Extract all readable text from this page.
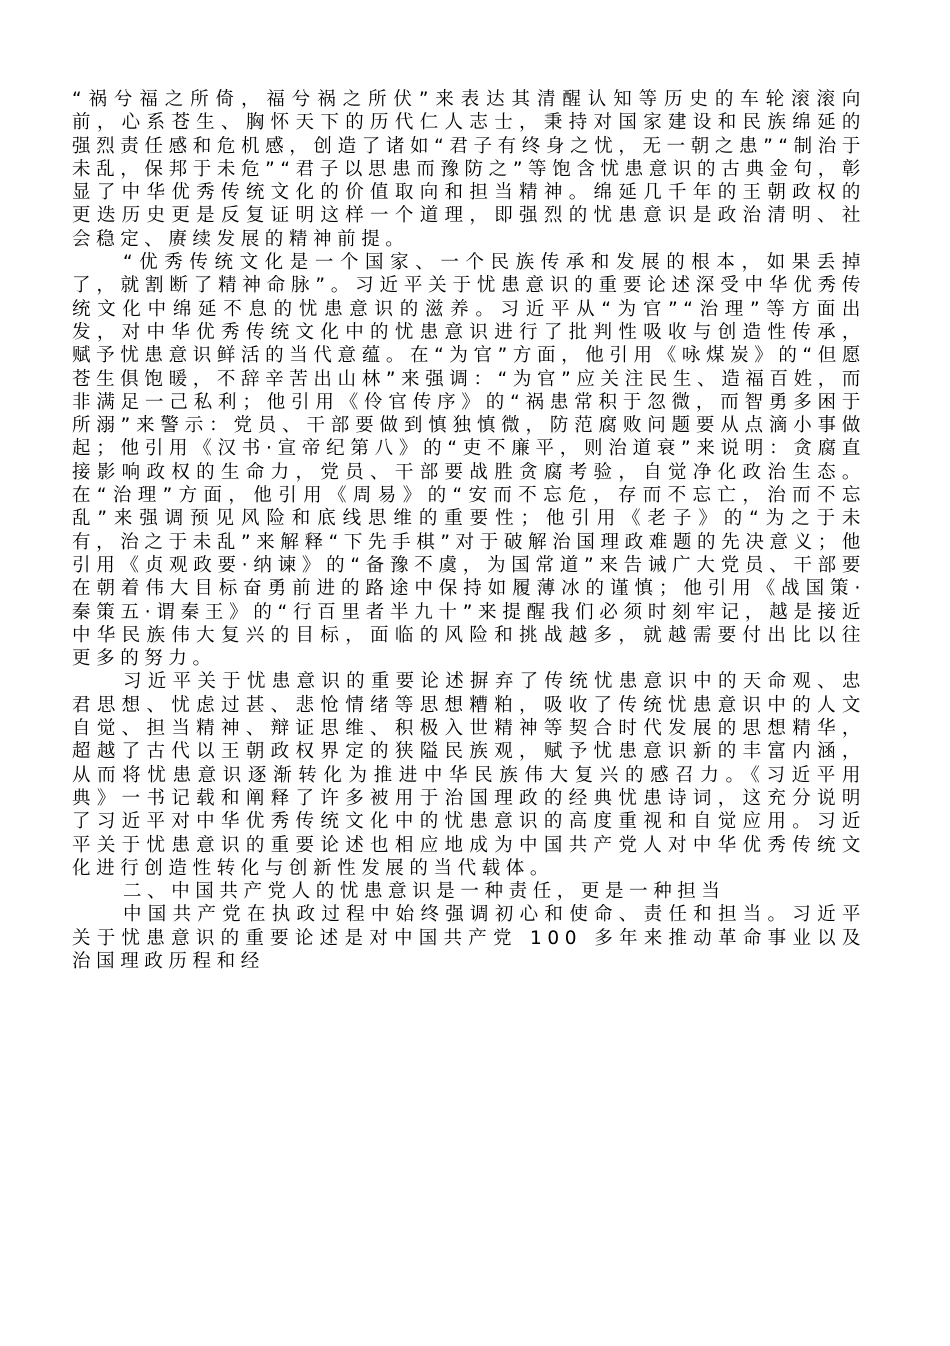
“祸兮福之所倚，福兮祸之所伏”来表达其清醒认知等历史的车轮滚滚向前，心系苍生、胸怀天下的历代仁人志士，秉持对国家建设和民族绵延的强烈责任感和危机感，创造了诸如“君子有终身之忧，无一朝之患”“制治于未乱，保邦于未危”“君子以思患而豫防之”等饱含忧患意识的古典金句，彰显了中华优秀传统文化的价值取向和担当精神。绵延几千年的王朝政权的更迭历史更是反复证明这样一个道理，即强烈的忧患意识是政治清明、社会稳定、赓续发展的精神前提。

“优秀传统文化是一个国家、一个民族传承和发展的根本，如果丢掉了，就割断了精神命脉”。习近平关于忧患意识的重要论述深受中华优秀传统文化中绵延不息的忧患意识的滋养。习近平从“为官”“治理”等方面出发，对中华优秀传统文化中的忧患意识进行了批判性吸收与创造性传承，赋予忧患意识鲜活的当代意蕴。在“为官”方面，他引用《咏煤炭》的“但愿苍生俱饱暖，不辞辛苦出山林”来强调：“为官”应关注民生、造福百姓，而非满足一己私利；他引用《伶官传序》的“祸患常积于忽微，而智勇多困于所溺”来警示：党员、干部要做到慎独慎微，防范腐败问题要从点滴小事做起；他引用《汉书·宣帝纪第八》的“吏不廉平，则治道衰”来说明：贪腐直接影响政权的生命力，党员、干部要战胜贪腐考验，自觉净化政治生态。在“治理”方面，他引用《周易》的“安而不忘危，存而不忘亡，治而不忘乱”来强调预见风险和底线思维的重要性；他引用《老子》的“为之于未有，治之于未乱”来解释“下先手棋”对于破解治国理政难题的先决意义；他引用《贞观政要·纳谏》的“备豫不虞，为国常道”来告诫广大党员、干部要在朝着伟大目标奋勇前进的路途中保持如履薄冰的谨慎；他引用《战国策·秦策五·谓秦王》的“行百里者半九十”来提醒我们必须时刻牢记，越是接近中华民族伟大复兴的目标，面临的风险和挑战越多，就越需要付出比以往更多的努力。

习近平关于忧患意识的重要论述摒弃了传统忧患意识中的天命观、忠君思想、忧虑过甚、悲怆情绪等思想糟粕，吸收了传统忧患意识中的人文自觉、担当精神、辩证思维、积极入世精神等契合时代发展的思想精华，超越了古代以王朝政权界定的狭隘民族观，赋予忧患意识新的丰富内涵，从而将忧患意识逐渐转化为推进中华民族伟大复兴的感召力。《习近平用典》一书记载和阐释了许多被用于治国理政的经典忧患诗词，这充分说明了习近平对中华优秀传统文化中的忧患意识的高度重视和自觉应用。习近平关于忧患意识的重要论述也相应地成为中国共产党人对中华优秀传统文化进行创造性转化与创新性发展的当代载体。

二、中国共产党人的忧患意识是一种责任，更是一种担当

中国共产党在执政过程中始终强调初心和使命、责任和担当。习近平关于忧患意识的重要论述是对中国共产党 100 多年来推动革命事业以及治国理政历程和经
